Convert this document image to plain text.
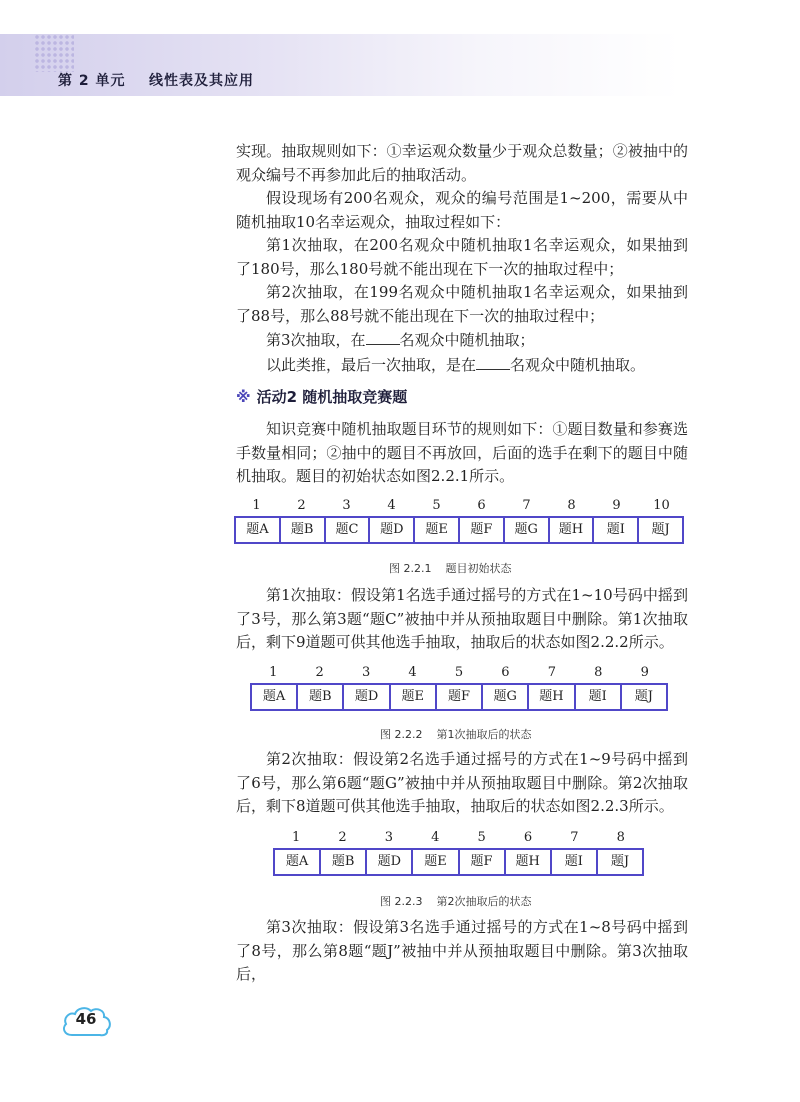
第 2 单元    线性表及其应用

实现。抽取规则如下：①幸运观众数量少于观众总数量；②被抽中的观众编号不再参加此后的抽取活动。

假设现场有200名观众，观众的编号范围是1~200，需要从中随机抽取10名幸运观众，抽取过程如下：

第1次抽取，在200名观众中随机抽取1名幸运观众，如果抽到了180号，那么180号就不能出现在下一次的抽取过程中；

第2次抽取，在199名观众中随机抽取1名幸运观众，如果抽到了88号，那么88号就不能出现在下一次的抽取过程中；

第3次抽取，在 名观众中随机抽取；

以此类推，最后一次抽取，是在 名观众中随机抽取。

※ 活动2 随机抽取竞赛题

知识竞赛中随机抽取题目环节的规则如下：①题目数量和参赛选手数量相同；②抽中的题目不再放回，后面的选手在剩下的题目中随机抽取。题目的初始状态如图2.2.1所示。

1	2	3	4	5	6	7	8	9	10
题A	题B	题C	题D	题E	题F	题G	题H	题I	题J
图 2.2.1    题目初始状态

第1次抽取：假设第1名选手通过摇号的方式在1~10号码中摇到了3号，那么第3题“题C”被抽中并从预抽取题目中删除。第1次抽取后，剩下9道题可供其他选手抽取，抽取后的状态如图2.2.2所示。

1	2	3	4	5	6	7	8	9
题A	题B	题D	题E	题F	题G	题H	题I	题J
图 2.2.2    第1次抽取后的状态

第2次抽取：假设第2名选手通过摇号的方式在1~9号码中摇到了6号，那么第6题“题G”被抽中并从预抽取题目中删除。第2次抽取后，剩下8道题可供其他选手抽取，抽取后的状态如图2.2.3所示。

1	2	3	4	5	6	7	8
题A	题B	题D	题E	题F	题H	题I	题J
图 2.2.3    第2次抽取后的状态

第3次抽取：假设第3名选手通过摇号的方式在1~8号码中摇到了8号，那么第8题“题J”被抽中并从预抽取题目中删除。第3次抽取后，

46
